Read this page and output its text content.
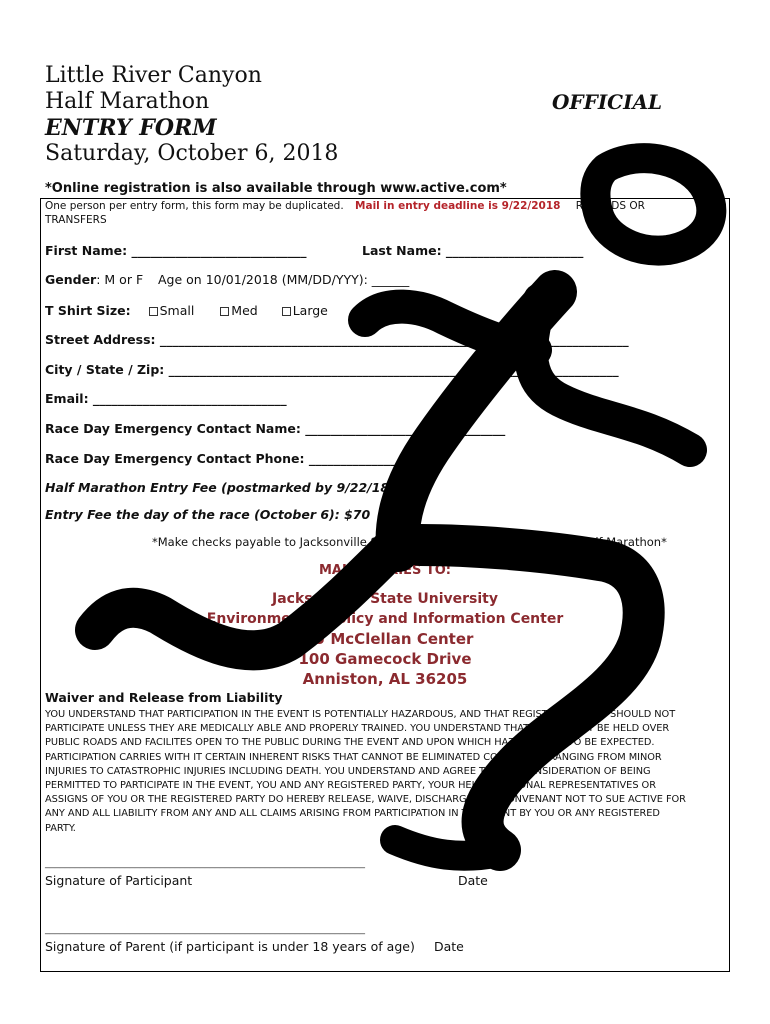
Little River Canyon
Half Marathon
ENTRY FORM
Saturday, October 6, 2018
OFFICIAL
*Online registration is also available through www.active.com*
One person per entry form, this form may be duplicated. Mail in entry deadline is 9/22/2018 REFUNDS OR
TRANSFERS
First Name: ____________________________	Last Name: ______________________
Gender: M or F Age on 10/01/2018 (MM/DD/YYY): ______
T Shirt Size: Small	Med	Large
Street Address: ___________________________________________________________________________
City / State / Zip: ________________________________________________________________________
Email: _______________________________
Race Day Emergency Contact Name: ________________________________
Race Day Emergency Contact Phone: ______________
Half Marathon Entry Fee (postmarked by 9/22/18):
Entry Fee the day of the race (October 6): $70
*Make checks payable to Jacksonville State University/Little River Canyon Half Marathon*
MAIL ENTRIES TO:
Jacksonville State University
Environmental Policy and Information Center
JSU McClellan Center
100 Gamecock Drive
Anniston, AL 36205
Waiver and Release from Liability
YOU UNDERSTAND THAT PARTICIPATION IN THE EVENT IS POTENTIALLY HAZARDOUS, AND THAT REGISTERED PARTY SHOULD NOT
PARTICIPATE UNLESS THEY ARE MEDICALLY ABLE AND PROPERLY TRAINED. YOU UNDERSTAND THAT EVENTS MAY BE HELD OVER
PUBLIC ROADS AND FACILITES OPEN TO THE PUBLIC DURING THE EVENT AND UPON WHICH HAZARDS ARE TO BE EXPECTED.
PARTICIPATION CARRIES WITH IT CERTAIN INHERENT RISKS THAT CANNOT BE ELIMINATED COMPLETELY RANGING FROM MINOR
INJURIES TO CATASTROPHIC INJURIES INCLUDING DEATH. YOU UNDERSTAND AND AGREE THAT IN CONSIDERATION OF BEING
PERMITTED TO PARTICIPATE IN THE EVENT, YOU AND ANY REGISTERED PARTY, YOUR HEIRS, PERSONAL REPRESENTATIVES OR
ASSIGNS OF YOU OR THE REGISTERED PARTY DO HEREBY RELEASE, WAIVE, DISCHARGE AND CONVENANT NOT TO SUE ACTIVE FOR
ANY AND ALL LIABILITY FROM ANY AND ALL CLAIMS ARISING FROM PARTICIPATION IN THE EVENT BY YOU OR ANY REGISTERED
PARTY.
________________________________________________________________
Signature of Participant	Date
________________________________________________________________
Signature of Parent (if participant is under 18 years of age) Date
